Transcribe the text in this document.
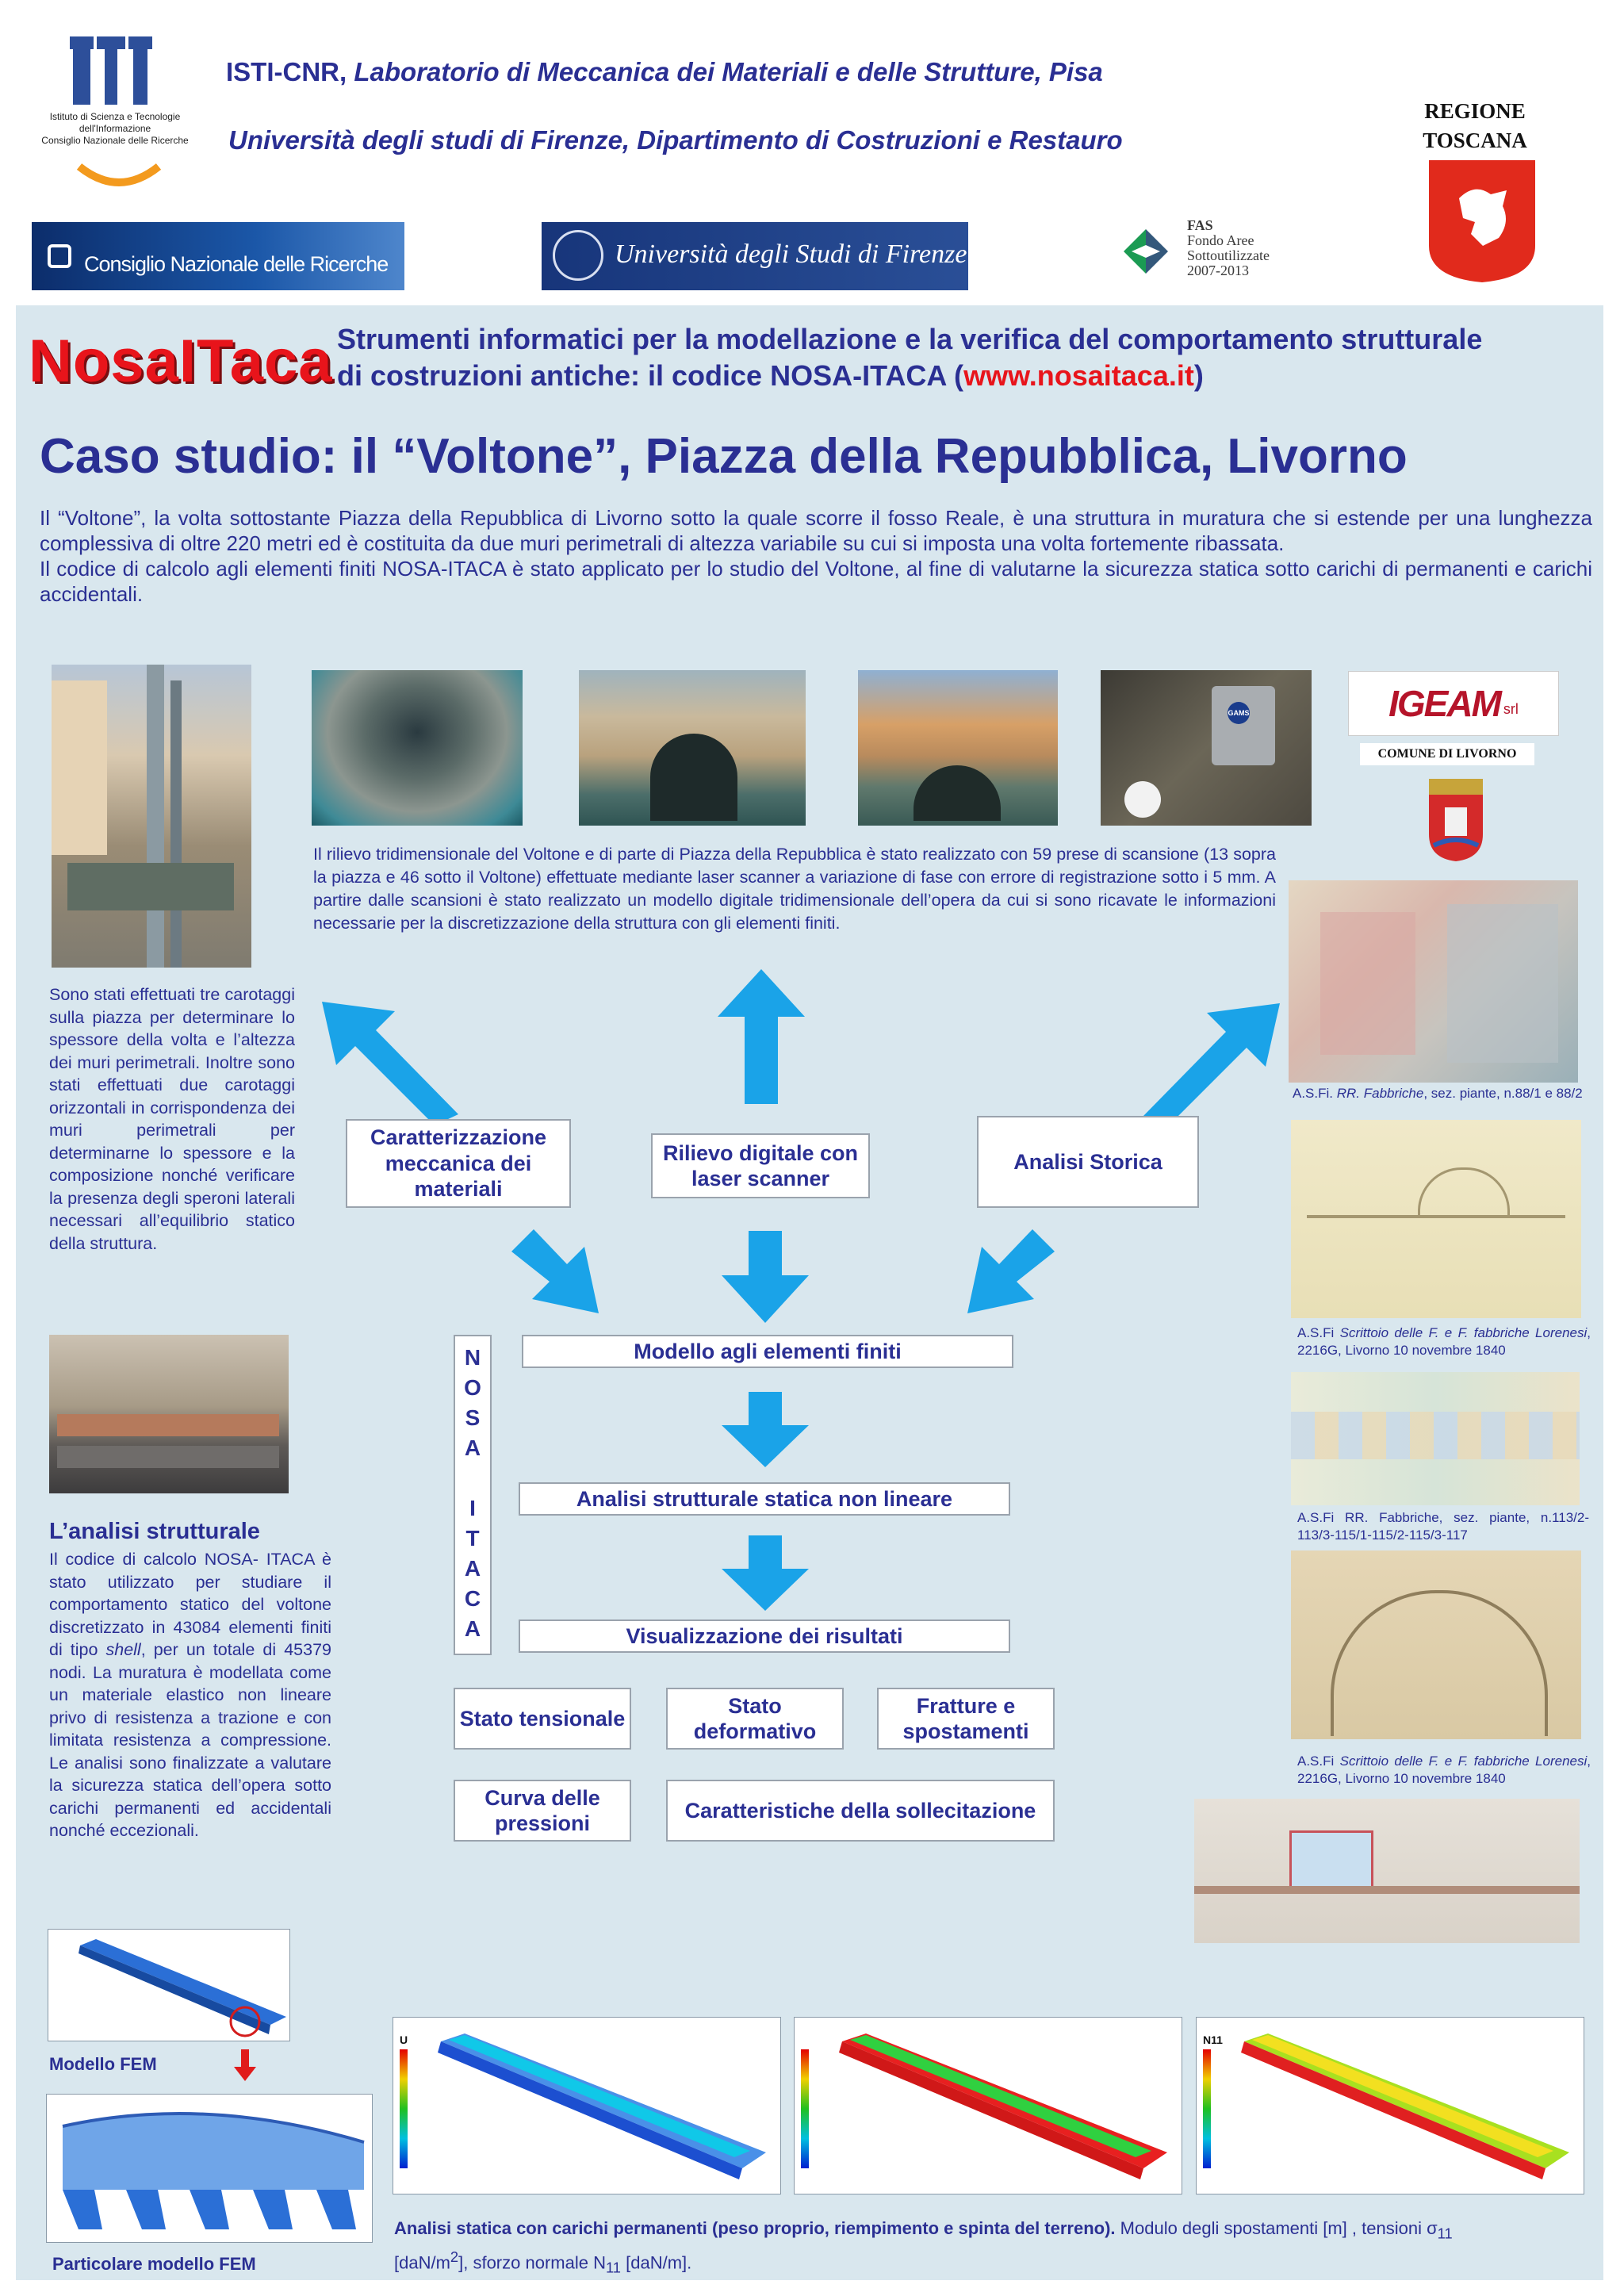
Istituto di Scienza e Tecnologie
dell'Informazione
Consiglio Nazionale delle Ricerche
ISTI-CNR, Laboratorio di Meccanica dei Materiali e delle Strutture, Pisa
Università degli studi di Firenze, Dipartimento di Costruzioni e Restauro
REGIONE
TOSCANA
Consiglio Nazionale delle Ricerche	Università degli Studi di Firenze
FAS
Fondo Aree
Sottoutilizzate
2007-2013
NosaITaca Strumenti informatici per la modellazione e la verifica del comportamento strutturale
di costruzioni antiche: il codice NOSA-ITACA (www.nosaitaca.it)
Caso studio: il “Voltone”, Piazza della Repubblica, Livorno
Il “Voltone”, la volta sottostante Piazza della Repubblica di Livorno sotto la quale scorre il fosso Reale, è una struttura in muratura che si estende per una lunghezza complessiva di oltre 220 metri ed è costituita da due muri perimetrali di altezza variabile su cui si imposta una volta fortemente ribassata.
Il codice di calcolo agli elementi finiti NOSA-ITACA è stato applicato per lo studio del Voltone, al fine di valutarne la sicurezza statica sotto carichi di permanenti e carichi accidentali.
GAMS	IGEAM srl
COMUNE DI LIVORNO
Il rilievo tridimensionale del Voltone e di parte di Piazza della Repubblica è stato realizzato con 59 prese di scansione (13 sopra la piazza e 46 sotto il Voltone) effettuate mediante laser scanner a variazione di fase con errore di registrazione sotto i 5 mm. A partire dalle scansioni è stato realizzato un modello digitale tridimensionale dell’opera da cui si sono ricavate le informazioni necessarie per la discretizzazione della struttura con gli elementi finiti.
Sono stati effettuati tre carotaggi sulla piazza per determinare lo spessore della volta e l’altezza dei muri perimetrali. Inoltre sono stati effettuati due carotaggi orizzontali in corrispondenza dei muri perimetrali per determinarne lo spessore e la composizione nonché verificare la presenza degli speroni laterali necessari all’equilibrio statico della struttura.
Caratterizzazione meccanica dei materiali
Rilievo digitale con laser scanner
Analisi Storica
N
O
S
A
I
T
A
C
A
Modello agli elementi finiti
Analisi strutturale statica non lineare
Visualizzazione dei risultati
Stato tensionale
Stato deformativo
Fratture e spostamenti
Curva delle pressioni
Caratteristiche della sollecitazione
L’analisi strutturale
Il codice di calcolo NOSA- ITACA è stato utilizzato per studiare il comportamento statico del voltone discretizzato in 43084 elementi finiti di tipo shell, per un totale di 45379 nodi. La muratura è modellata come un materiale elastico non lineare privo di resistenza a trazione e con limitata resistenza a compressione. Le analisi sono finalizzate a valutare la sicurezza statica dell’opera sotto carichi permanenti ed accidentali nonché eccezionali.
Modello FEM
Particolare modello FEM
A.S.Fi. RR. Fabbriche, sez. piante, n.88/1 e 88/2
A.S.Fi Scrittoio delle F. e F. fabbriche Lorenesi, 2216G, Livorno 10 novembre 1840
A.S.Fi RR. Fabbriche, sez. piante, n.113/2-113/3-115/1-115/2-115/3-117
A.S.Fi Scrittoio delle F. e F. fabbriche Lorenesi, 2216G, Livorno 10 novembre 1840
U	N11
Analisi statica con carichi permanenti (peso proprio, riempimento e spinta del terreno). Modulo degli spostamenti [m] , tensioni $\sigma_{11}$
$[daN/m^2]$, sforzo normale $N_{11}$ [daN/m].
